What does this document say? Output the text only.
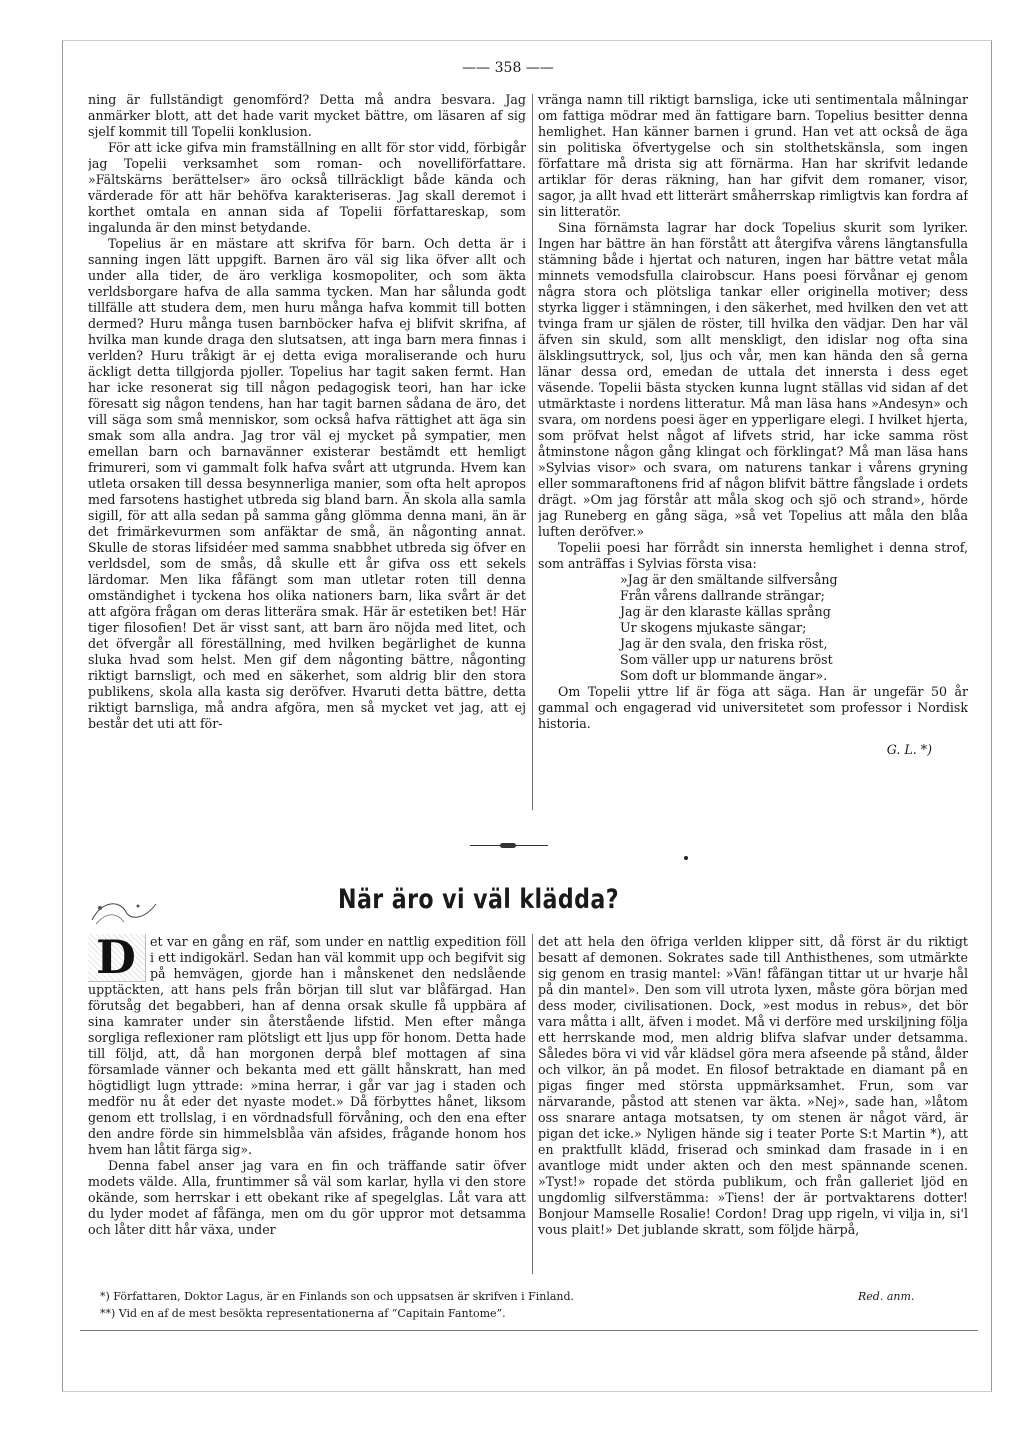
—— 358 ——

ning är fullständigt genomförd? Detta må andra besvara. Jag anmärker blott, att det hade varit mycket bättre, om läsaren af sig sjelf kommit till Topelii konklusion.

För att icke gifva min framställning en allt för stor vidd, förbigår jag Topelii verksamhet som roman- och novelliförfattare. »Fältskärns berättelser» äro också tillräckligt både kända och värderade för att här behöfva karakteriseras. Jag skall deremot i korthet omtala en annan sida af Topelii författareskap, som ingalunda är den minst betydande.

Topelius är en mästare att skrifva för barn. Och detta är i sanning ingen lätt uppgift. Barnen äro väl sig lika öfver allt och under alla tider, de äro verkliga kosmopoliter, och som äkta verldsborgare hafva de alla samma tycken. Man har sålunda godt tillfälle att studera dem, men huru många hafva kommit till botten dermed? Huru många tusen barnböcker hafva ej blifvit skrifna, af hvilka man kunde draga den slutsatsen, att inga barn mera finnas i verlden? Huru tråkigt är ej detta eviga moraliserande och huru äckligt detta tillgjorda pjoller. Topelius har tagit saken fermt. Han har icke resonerat sig till någon pedagogisk teori, han har icke föresatt sig någon tendens, han har tagit barnen sådana de äro, det vill säga som små menniskor, som också hafva rättighet att äga sin smak som alla andra. Jag tror väl ej mycket på sympatier, men emellan barn och barnavänner existerar bestämdt ett hemligt frimureri, som vi gammalt folk hafva svårt att utgrunda. Hvem kan utleta orsaken till dessa besynnerliga manier, som ofta helt apropos med farsotens hastighet utbreda sig bland barn. Än skola alla samla sigill, för att alla sedan på samma gång glömma denna mani, än är det frimärkevurmen som anfäktar de små, än någonting annat. Skulle de storas lifsidéer med samma snabbhet utbreda sig öfver en verldsdel, som de smås, då skulle ett år gifva oss ett sekels lärdomar. Men lika fåfängt som man utletar roten till denna omständighet i tyckena hos olika nationers barn, lika svårt är det att afgöra frågan om deras litterära smak. Här är estetiken bet! Här tiger filosofien! Det är visst sant, att barn äro nöjda med litet, och det öfvergår all föreställning, med hvilken begärlighet de kunna sluka hvad som helst. Men gif dem någonting bättre, någonting riktigt barnsligt, och med en säkerhet, som aldrig blir den stora publikens, skola alla kasta sig deröfver. Hvaruti detta bättre, detta riktigt barnsliga, må andra afgöra, men så mycket vet jag, att ej består det uti att för-

vränga namn till riktigt barnsliga, icke uti sentimentala målningar om fattiga mödrar med än fattigare barn. Topelius besitter denna hemlighet. Han känner barnen i grund. Han vet att också de äga sin politiska öfvertygelse och sin stolthetskänsla, som ingen författare må drista sig att förnärma. Han har skrifvit ledande artiklar för deras räkning, han har gifvit dem romaner, visor, sagor, ja allt hvad ett litterärt småherrskap rimligtvis kan fordra af sin litteratör.

Sina förnämsta lagrar har dock Topelius skurit som lyriker. Ingen har bättre än han förstått att återgifva vårens längtansfulla stämning både i hjertat och naturen, ingen har bättre vetat måla minnets vemodsfulla clairobscur. Hans poesi förvånar ej genom några stora och plötsliga tankar eller originella motiver; dess styrka ligger i stämningen, i den säkerhet, med hvilken den vet att tvinga fram ur själen de röster, till hvilka den vädjar. Den har väl äfven sin skuld, som allt menskligt, den idislar nog ofta sina älsklingsuttryck, sol, ljus och vår, men kan hända den så gerna länar dessa ord, emedan de uttala det innersta i dess eget väsende. Topelii bästa stycken kunna lugnt ställas vid sidan af det utmärktaste i nordens litteratur. Må man läsa hans »Andesyn» och svara, om nordens poesi äger en ypperligare elegi. I hvilket hjerta, som pröfvat helst något af lifvets strid, har icke samma röst åtminstone någon gång klingat och förklingat? Må man läsa hans »Sylvias visor» och svara, om naturens tankar i vårens gryning eller sommaraftonens frid af någon blifvit bättre fångslade i ordets drägt. »Om jag förstår att måla skog och sjö och strand», hörde jag Runeberg en gång säga, »så vet Topelius att måla den blåa luften deröfver.»

Topelii poesi har förrådt sin innersta hemlighet i denna strof, som anträffas i Sylvias första visa:

»Jag är den smältande silfversång
Från vårens dallrande strängar;
Jag är den klaraste källas språng
Ur skogens mjukaste sängar;
Jag är den svala, den friska röst,
Som väller upp ur naturens bröst
Som doft ur blommande ängar».

Om Topelii yttre lif är föga att säga. Han är ungefär 50 år gammal och engagerad vid universitetet som professor i Nordisk historia.

G. L. *)
När äro vi väl klädda?

D	et var en gång en räf, som under en nattlig expedition föll i ett indigokärl. Sedan han väl kommit upp och begifvit sig på hemvägen, gjorde han i månskenet den nedslående upptäckten, att hans pels från början till slut var blåfärgad. Han förutsåg det begabberi, han af denna orsak skulle få uppbära af sina kamrater under sin återstående lifstid. Men efter många sorgliga reflexioner ram plötsligt ett ljus upp för honom. Detta hade till följd, att, då han morgonen derpå blef mottagen af sina församlade vänner och bekanta med ett gällt hånskratt, han med högtidligt lugn yttrade: »mina herrar, i går var jag i staden och medför nu åt eder det nyaste modet.» Då förbyttes hånet, liksom genom ett trollslag, i en vördnadsfull förvåning, och den ena efter den andre förde sin himmelsblåa vän afsides, frågande honom hos hvem han låtit färga sig».

Denna fabel anser jag vara en fin och träffande satir öfver modets välde. Alla, fruntimmer så väl som karlar, hylla vi den store okände, som herrskar i ett obekant rike af spegelglas. Låt vara att du lyder modet af fåfänga, men om du gör uppror mot detsamma och låter ditt hår växa, under

det att hela den öfriga verlden klipper sitt, då först är du riktigt besatt af demonen. Sokrates sade till Anthisthenes, som utmärkte sig genom en trasig mantel: »Vän! fåfängan tittar ut ur hvarje hål på din mantel». Den som vill utrota lyxen, måste göra början med dess moder, civilisationen. Dock, »est modus in rebus», det bör vara måtta i allt, äfven i modet. Må vi derföre med urskiljning följa ett herrskande mod, men aldrig blifva slafvar under detsamma. Således böra vi vid vår klädsel göra mera afseende på stånd, ålder och vilkor, än på modet. En filosof betraktade en diamant på en pigas finger med största uppmärksamhet. Frun, som var närvarande, påstod att stenen var äkta. »Nej», sade han, »låtom oss snarare antaga motsatsen, ty om stenen är något värd, är pigan det icke.» Nyligen hände sig i teater Porte S:t Martin *), att en praktfullt klädd, friserad och sminkad dam frasade in i en avantloge midt under akten och den mest spännande scenen. »Tyst!» ropade det störda publikum, och från galleriet ljöd en ungdomlig silfverstämma: »Tiens! der är portvaktarens dotter! Bonjour Mamselle Rosalie! Cordon! Drag upp rigeln, vi vilja in, si'l vous plait!» Det jublande skratt, som följde härpå,

*) Författaren, Doktor Lagus, är en Finlands son och uppsatsen är skrifven i Finland.	Red. anm.
**) Vid en af de mest besökta representationerna af “Capitain Fantome”.
